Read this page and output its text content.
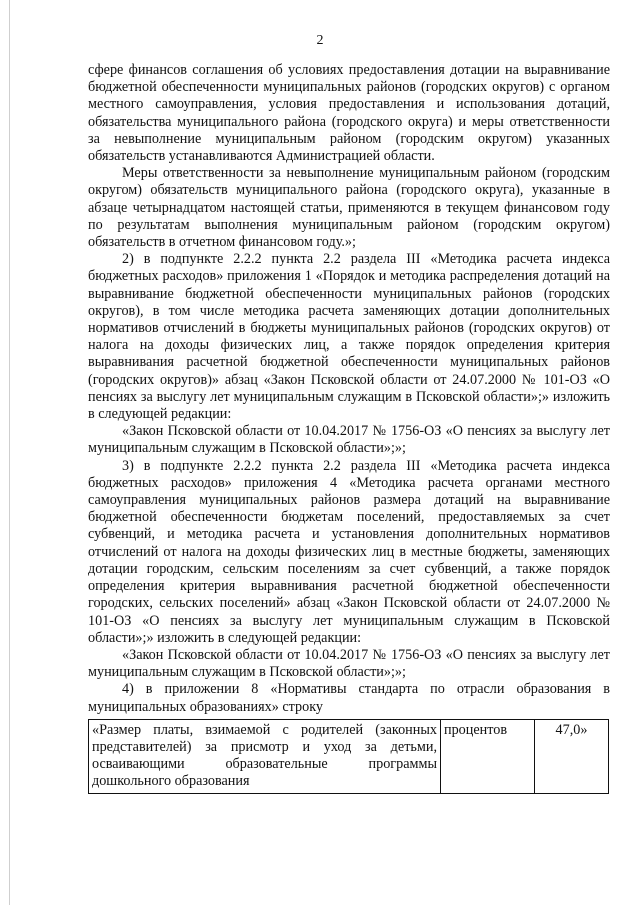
2

сфере финансов соглашения об условиях предоставления дотации на выравнивание бюджетной обеспеченности муниципальных районов (городских округов) с органом местного самоуправления, условия предоставления и использования дотаций, обязательства муниципального района (городского округа) и меры ответственности за невыполнение муниципальным районом (городским округом) указанных обязательств устанавливаются Администрацией области.

Меры ответственности за невыполнение муниципальным районом (городским округом) обязательств муниципального района (городского округа), указанные в абзаце четырнадцатом настоящей статьи, применяются в текущем финансовом году по результатам выполнения муниципальным районом (городским округом) обязательств в отчетном финансовом году.»;

2) в подпункте 2.2.2 пункта 2.2 раздела III «Методика расчета индекса бюджетных расходов» приложения 1 «Порядок и методика распределения дотаций на выравнивание бюджетной обеспеченности муниципальных районов (городских округов), в том числе методика расчета заменяющих дотации дополнительных нормативов отчислений в бюджеты муниципальных районов (городских округов) от налога на доходы физических лиц, а также порядок определения критерия выравнивания расчетной бюджетной обеспеченности муниципальных районов (городских округов)» абзац «Закон Псковской области от 24.07.2000 № 101-ОЗ «О пенсиях за выслугу лет муниципальным служащим в Псковской области»;» изложить в следующей редакции:

«Закон Псковской области от 10.04.2017 № 1756-ОЗ «О пенсиях за выслугу лет муниципальным служащим в Псковской области»;»;

3) в подпункте 2.2.2 пункта 2.2 раздела III «Методика расчета индекса бюджетных расходов» приложения 4 «Методика расчета органами местного самоуправления муниципальных районов размера дотаций на выравнивание бюджетной обеспеченности бюджетам поселений, предоставляемых за счет субвенций, и методика расчета и установления дополнительных нормативов отчислений от налога на доходы физических лиц в местные бюджеты, заменяющих дотации городским, сельским поселениям за счет субвенций, а также порядок определения критерия выравнивания расчетной бюджетной обеспеченности городских, сельских поселений» абзац «Закон Псковской области от 24.07.2000 № 101-ОЗ «О пенсиях за выслугу лет муниципальным служащим в Псковской области»;» изложить в следующей редакции:

«Закон Псковской области от 10.04.2017 № 1756-ОЗ «О пенсиях за выслугу лет муниципальным служащим в Псковской области»;»;

4) в приложении 8 «Нормативы стандарта по отрасли образования в муниципальных образованиях» строку

«Размер платы, взимаемой с родителей (законных представителей) за присмотр и уход за детьми, осваивающими образовательные программы дошкольного образования	процентов	47,0»
